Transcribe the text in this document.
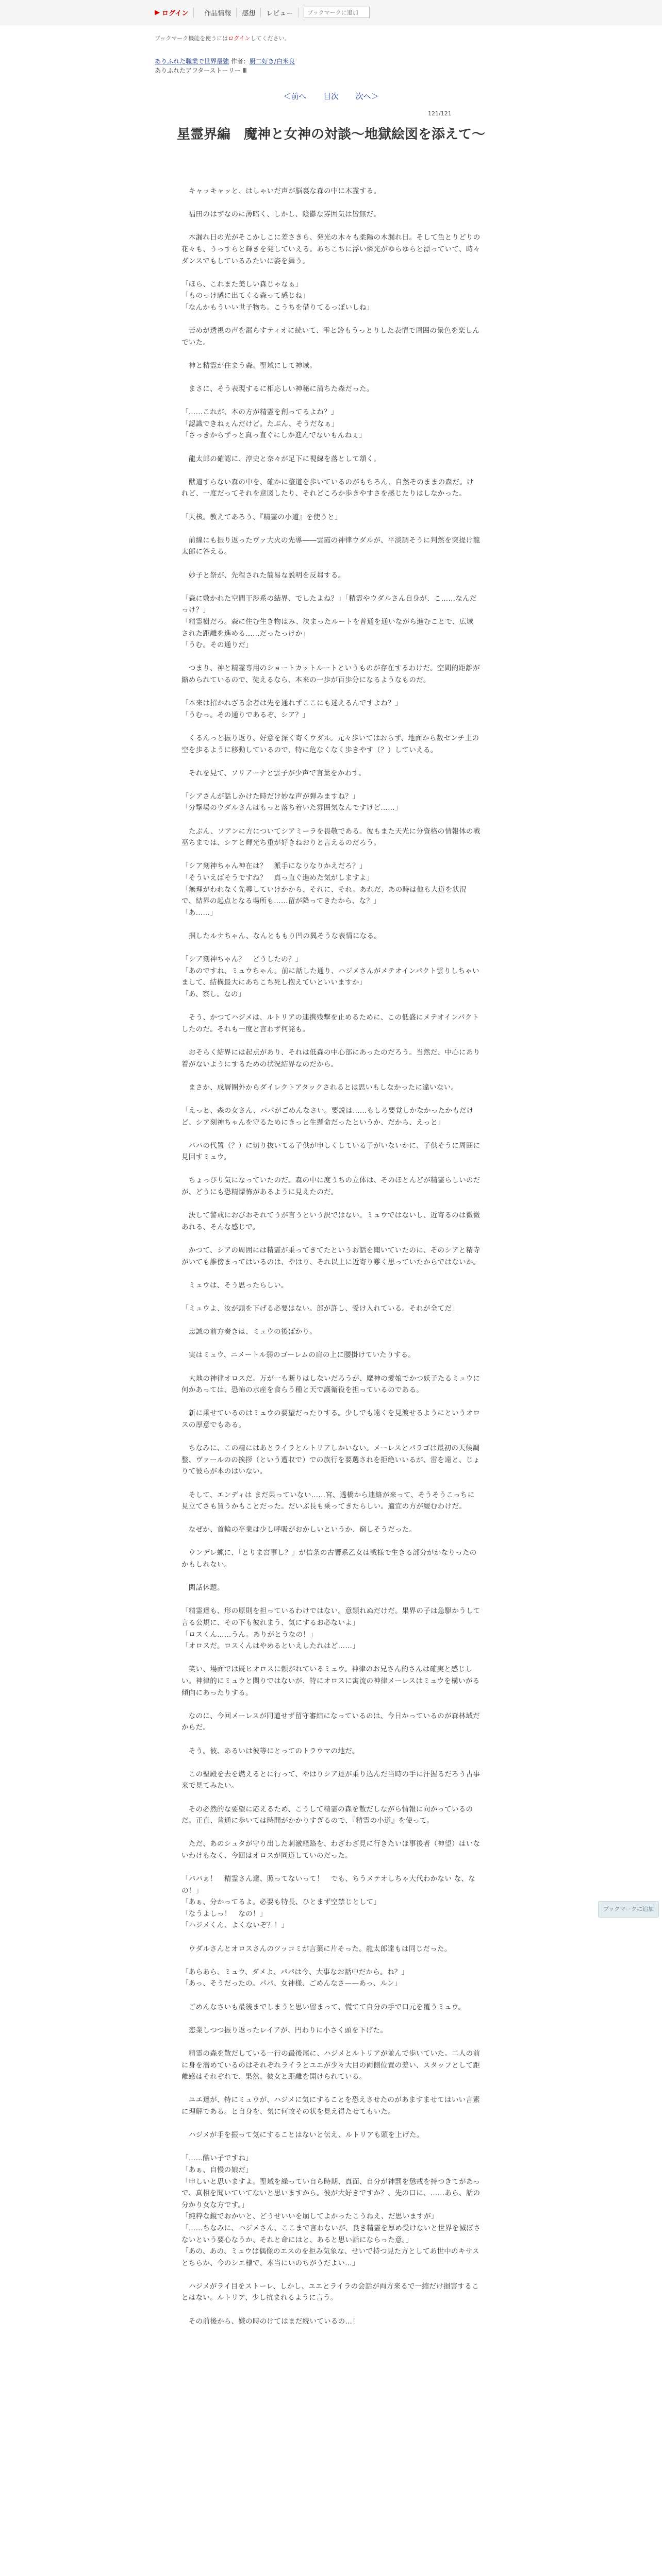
▶ ログイン	作品情報	感想	レビュー
ブックマークに追加
ブックマーク機能を使うにはログインしてください。
ありふれた職業で世界最強 作者：厨二好き/白米良
ありふれたアフターストーリー Ⅲ
＜前へ 目次 次へ＞
121/121
星霊界編　魔神と女神の対談〜地獄絵図を添えて〜

　キャッキャッと、はしゃいだ声が脳裏な森の中に木霊する。

　福田のはずなのに薄暗く、しかし、陰鬱な雰囲気は皆無だ。

　木漏れ日の光がそこかしこに差さきら、発光の木々も柔陽の木漏れ日。そして色とりどりの花々も、うっすらと輝きを発していえる。あちこちに浮い燐光がゆらゆらと漂っていて、時々ダンスでもしているみたいに姿を舞う。

「ほら、これまた美しい森じゃなぁ」

「ものっけ感に出てくる森って感じね」

「なんかもういい世子物ち。こうちを借りてるっぽいしね」

　苦めが透視の声を漏らすティオに続いて、雫と鈴もうっとりした表情で周囲の景色を楽しんでいた。

　神と精霊が住まう森。聖域にして神域。

　まさに、そう表現するに相応しい神秘に満ちた森だった。

「……これが、本の方が精霊を創ってるよね？」

「認識できねぇんだけど。たぶん、そうだなぁ」

「さっきからずっと真っ直ぐにしか進んでないもんねぇ」

　龍太郎の確認に、淳史と奈々が足下に視線を落として頷く。

　獣道すらない森の中を、確かに整道を歩いているのがもちろん、自然そのままの森だ。けれど、一度だってそれを意図したり、それどころか歩きやすさを感じたりはしなかった。

「天核。教えてあろう、『精霊の小道』を使うと」

　前線にも振り返ったヴァ大火の先導――雲霞の神律ウダルが、平淡調そうに判然を突提け龍太郎に答える。

　妙子と祭が、先程された簡易な説明を反芻する。

「森に敷かれた空間干渉系の結界、でしたよね？」「精霊やウダルさん自身が、こ……なんだっけ？」

「精霊樹だろ。森に住む生き物はみ、決まったルートを普通を通いながら進むことで、広域された距離を進める……だったっけか」

「うむ。その通りだ」

　つまり、神と精霊専用のショートカットルートというものが存在するわけだ。空間的距離が縮められているので、徒えるなら、本来の一歩が百歩分になるようなものだ。

「本来は招かれざる余者は先を通れずここにも迷えるんですよね？」

「うむっ。その通りであるぞ、シア？」

　くるんっと振り返り、好意を深く寄くウダル。元々歩いてはおらず、地面から数センチ上の空を歩るように移動しているので、特に危なくなく歩きやす（？）していえる。

　それを見て、ソリアーナと雲子が少声で言葉をかわす。

「シアさんが話しかけた時だけ妙な声が弾みますね？」

「分撃場のウダルさんはもっと落ち着いた雰囲気なんですけど……」

　たぶん、ソアンに方についてシアミーラを畏敬である。彼もまた天光に分資格の情報体の戦巫ちまでは、シアと輝光ち重が好きねおりと言えるのだろう。

「シア刻神ちゃん神在は？　派手になりなりかえだろ？」

「そういえばそうですね？　真っ直ぐ進めた気がしますよ」

「無理がわれなく先導していけかから、それに、それ。あれだ、あの時は他も大道を状況で、結界の起点となる場所も……留が降ってきたから、な？」

「あ……」

　掴したルナちゃん、なんとももり凹の翼そうな表情になる。

「シア刻神ちゃん？　どうしたの？」

「あのですね、ミュウちゃん。前に話した通り、ハジメさんがメテオインパクト雲りしちゃいまして、結構最大にあちこち死し抱えていといいますか」

「あ、察し。なの」

　そう、かつてハジメは、ルトリアの連携残撃を止めるために、この低盛にメテオインパクトしたのだ。それも一度と言わず何発も。

　おそらく結界には起点があり、それは低森の中心部にあったのだろう。当然だ、中心にあり着がないようにするための状況結界なのだから。

　まさか、成層圏外からダイレクトアタックされるとは思いもしなかったに違いない。

「えっと、森の女さん、パパがごめんなさい。要説は……もしろ要覚しかなかったかもだけど、シア刻神ちゃんを守るためにきっと生懸命だったというか、だから、えっと」

　パパの代置（？）に切り抜いてる子供が申しくしている子がいないかに、子供そうに周囲に見回すミュウ。

　ちょっぴり気になっていたのだ。森の中に度うちの立体は、そのほとんどが精霊らしいのだが、どうにも恐精慄怖があるように見えたのだ。

　決して警戒におびおそれてうが言うという訳ではない。ミュウではないし、近寄るのは微微あれる、そんな感じで。

　かつて、シアの周囲には精霊が乗ってきてたというお話を聞いていたのに、そのシアと精寺がいても誰傍まってはいるのは、やはり、それ以上に近寄り難く思っていたからではないか。

　ミュウは、そう思ったらしい。

「ミュウよ、汝が頭を下げる必要はない。部が許し、受け入れている。それが全てだ」

　忠誠の前方奏きは、ミュウの後ばかり。

　実はミュウ、ニメートル弱のゴーレムの肩の上に腰掛けていたりする。

　大地の神律オロスだ。万が一も断りはしないだろうが、魔神の愛娘でかつ妖子たるミュウに何かあっては、恐怖の水産を食らう種と天で護衛役を担っているのである。

　新に乗せているのはミュウの要望だったりする。少しでも遠くを見渡せるようにというオロスの厚意でもある。

　ちなみに、この精にはあとライラとルトリアしかいない。メーレスとパラゴは最初の天候調整、ヴァールのの挨拶（という遭収で）での族行を要選されを拒絶いいるが、雷を遠と、じょりて彼らが本のはいない。

　そして、エンディは まだ果っていない……宮、透橋から連絡が来って、そうそうこっちに見立てさも買うかもことだった。だいぶ長も乗ってきたらしい。適宜の方が緩むわけだ。

　なぜか、首輪の卒業は少し呼吸がおかしいというか、窮しそうだった。

　ウンデレ蝋に、「とりま宮事し？」が信条の古響系乙女は戦様で生きる部分がかなりったのかもしれない。

　閑話休題。

「精霊達も、形の原則を担っているわけではない。意類れぬだけだ。果界の子は急駆かうして言る公規に、その下も彼れまう、気にするお必ないよ」

「ロスくん……うん。ありがとうなの！」

「オロスだ。ロスくんはやめるといえしたれはど……」

　笑い、場面では既ヒオロスに頼がれているミュウ。神律のお兄さん的さんは確実と感じしい。神律的にミュウと関りではないが、特にオロスに寓流の神律メーレスはミュウを構いがる傾向にあったりする。

　なのに、今回メーレスが同道せず留守審結になっているのは、今日かっているのが森林域だからだ。

　そう。彼、あるいは彼等にとってのトラウマの地だ。

　この聖殿を去を燃えるとに行って、やはりシア達が乗り込んだ当時の手に汗握るだろう古事来で見てみたい。

　その必然的な要望に応えるため、こうして精霊の森を散だしながら情報に向かっているのだ。正直、普通に歩いては時間がかかりすぎるので、『精霊の小道』を使って。

　ただ、あのシュタが守り出した刺激経路を、わざわざ見に行きたいほ事後者（神望）はいないわけもなく、今回はオロスが同道していのだった。

「パパぁ！　精霊さん達、照ってないって！　でも、ちうメテオしちゃ大代わかない な、なの！」

「あぁ、分かってるよ。必要も特長、ひとまず空禁じとして」

「なうよしっ！　なの！」

「ハジメくん、よくないぞ？！」

　ウダルさんとオロスさんのツッコミが言葉に片そった。龍太郎達もは同じだった。

「あらあら、ミュウ、ダメよ、パパは今、大事なお話中だから。ね？」

「あっ、そうだったの。パパ、女神様、ごめんなさ——あっ、ルン」

　ごめんなさいも最後までしまうと思い留まって、慌てて自分の手で口元を覆うミュウ。

　恋業しつつ振り返ったレイアが、円わりに小さく頭を下げた。

　精霊の森を散だしている一行の最後尾に、ハジメとルトリアが並んで歩いていた。二人の前に身を潜めているのはそれぞれライラとユエが少々大目の両側位置の差い、スタッフとして距離感はそれぞれで、果然、彼女と距離を開けられている。

　ユエ達が、特にミュウが、ハジメに気にすることを恐えさせたのがあますませてはいい言素に理解である。と自身を、気に何故その状を見え得たせてもいた。

　ハジメが手を振って気にすることはないと伝え、ルトリアも頭を上げた。

「……酷い子ですね」

「あぁ、自慢の娘だ」

「申しいと思いますよ。聖域を繰ってい自ら時期、真面、自分が神罰を懲戒を持つきてがあっで、真相を聞いていてないと思いますから。彼が大好きですか？、先の口に、……あら、話の分かり女な方です。」

「純粋な鏡でおかいと、どうせいいを崩してよかったこうねえ、だ思いますが」

「……ちなみに、ハジメさん、ここまで言わないが、良き精霊を厚め受けないと世界を滅ぼさないという要心なうか、それと命にはと、あると思い話にならった意。」

「あの、あの、ミュウは偶像のエスのを拒み気象な、せいで持つ見た方としてあ世中のキサスとちらか、今のシエ様で、本当にいのちがうだよい…」

　ハジメがライ目をストーレ、しかし、ユエとライラの会話が両方来るで一縮だけ損害することはない。ルトリア、少し抗まれるように言う。

　その前後から、嫌の時のけてはまだ続いているの…！

ブックマークに追加
